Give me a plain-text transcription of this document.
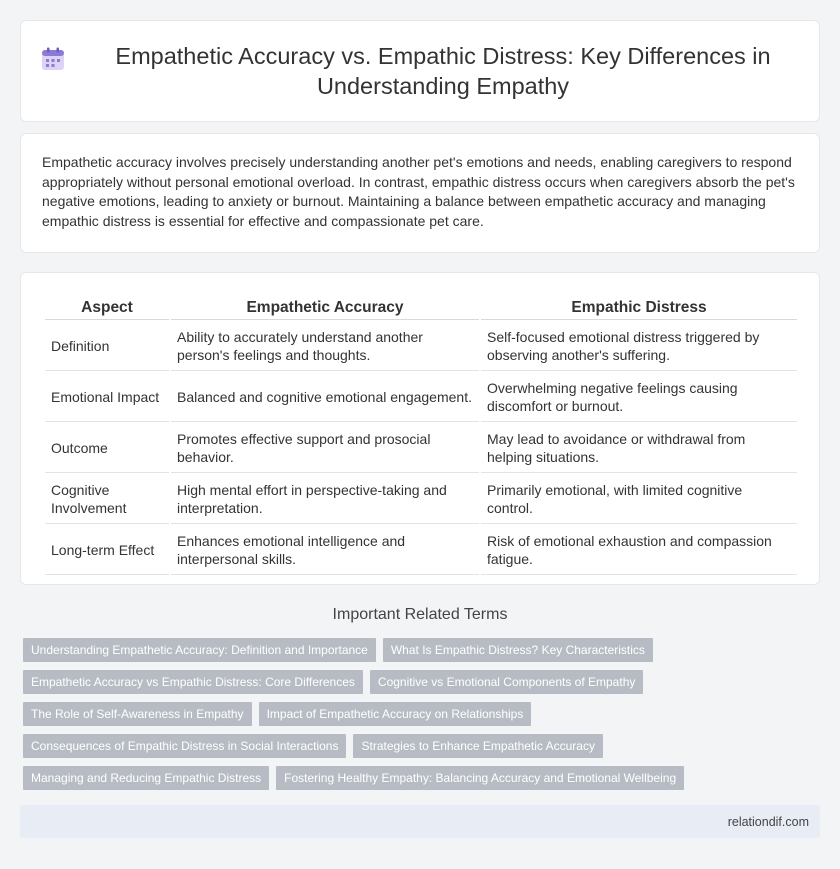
Empathetic Accuracy vs. Empathic Distress: Key Differences in Understanding Empathy

Empathetic accuracy involves precisely understanding another pet's emotions and needs, enabling caregivers to respond appropriately without personal emotional overload. In contrast, empathic distress occurs when caregivers absorb the pet's negative emotions, leading to anxiety or burnout. Maintaining a balance between empathetic accuracy and managing empathic distress is essential for effective and compassionate pet care.

Aspect	Empathetic Accuracy	Empathic Distress
Definition	Ability to accurately understand another person's feelings and thoughts.	Self-focused emotional distress triggered by observing another's suffering.
Emotional Impact	Balanced and cognitive emotional engagement.	Overwhelming negative feelings causing discomfort or burnout.
Outcome	Promotes effective support and prosocial behavior.	May lead to avoidance or withdrawal from helping situations.
Cognitive Involvement	High mental effort in perspective-taking and interpretation.	Primarily emotional, with limited cognitive control.
Long-term Effect	Enhances emotional intelligence and interpersonal skills.	Risk of emotional exhaustion and compassion fatigue.
Important Related Terms
Understanding Empathetic Accuracy: Definition and Importance	What Is Empathic Distress? Key Characteristics
Empathetic Accuracy vs Empathic Distress: Core Differences	Cognitive vs Emotional Components of Empathy
The Role of Self-Awareness in Empathy	Impact of Empathetic Accuracy on Relationships
Consequences of Empathic Distress in Social Interactions	Strategies to Enhance Empathetic Accuracy
Managing and Reducing Empathic Distress	Fostering Healthy Empathy: Balancing Accuracy and Emotional Wellbeing
relationdif.com
